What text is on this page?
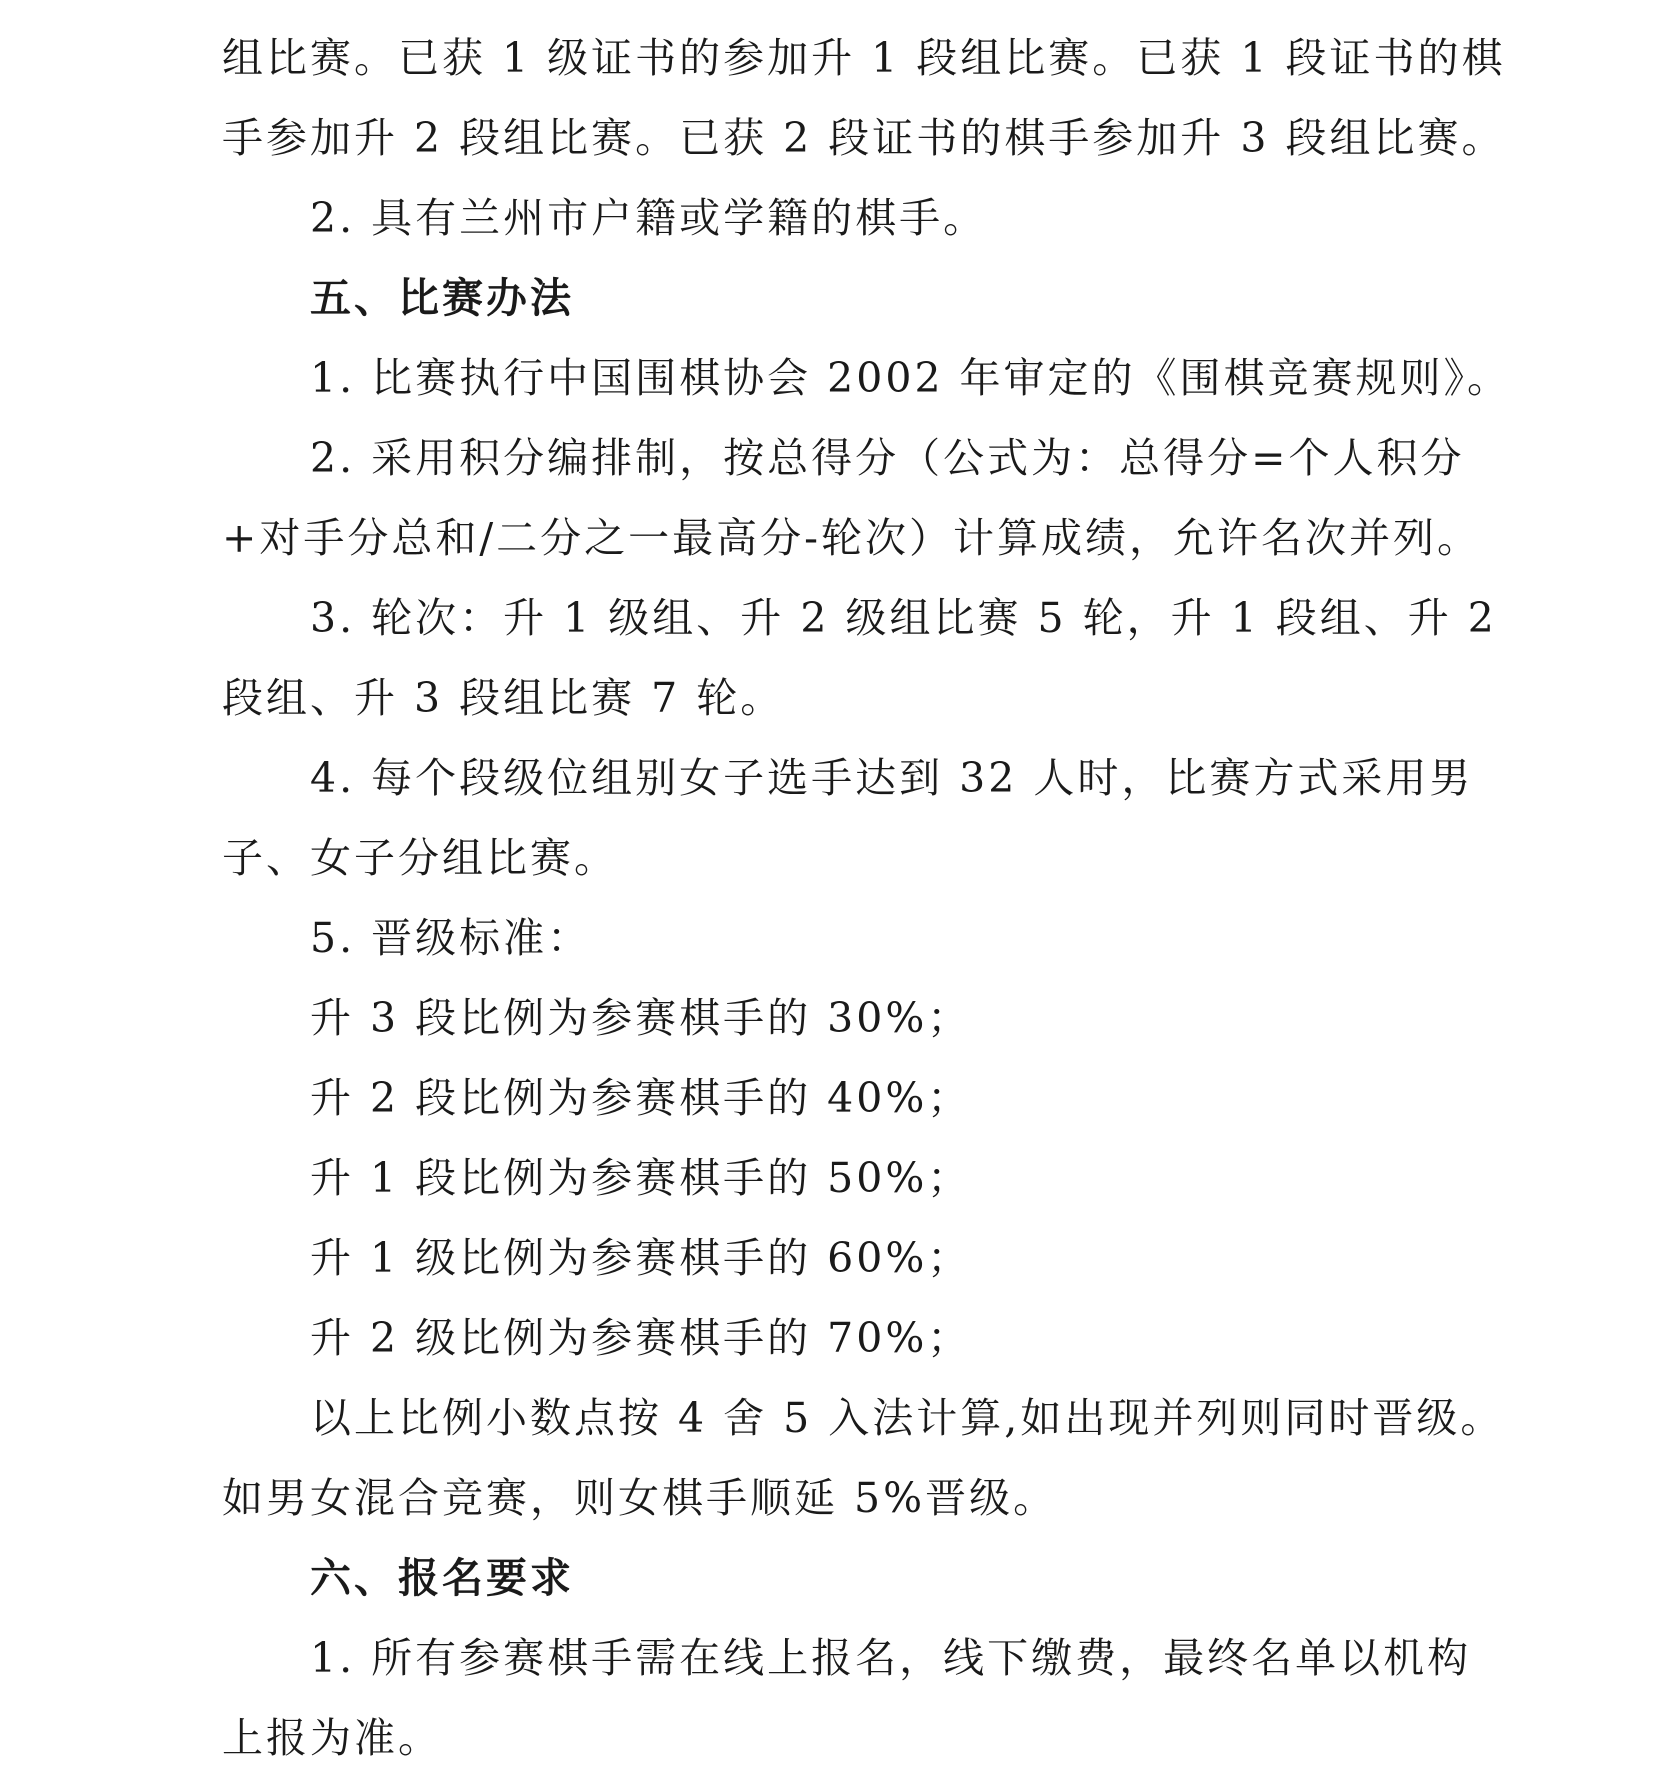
组比赛。已获 1 级证书的参加升 1 段组比赛。已获 1 段证书的棋
手参加升 2 段组比赛。已获 2 段证书的棋手参加升 3 段组比赛。
2. 具有兰州市户籍或学籍的棋手。
五、比赛办法
1. 比赛执行中国围棋协会 2002 年审定的《围棋竞赛规则》。
2. 采用积分编排制，按总得分（公式为：总得分=个人积分
+对手分总和/二分之一最高分-轮次）计算成绩，允许名次并列。
3. 轮次：升 1 级组、升 2 级组比赛 5 轮，升 1 段组、升 2
段组、升 3 段组比赛 7 轮。
4. 每个段级位组别女子选手达到 32 人时，比赛方式采用男
子、女子分组比赛。
5. 晋级标准：
升 3 段比例为参赛棋手的 30%；
升 2 段比例为参赛棋手的 40%；
升 1 段比例为参赛棋手的 50%；
升 1 级比例为参赛棋手的 60%；
升 2 级比例为参赛棋手的 70%；
以上比例小数点按 4 舍 5 入法计算,如出现并列则同时晋级。
如男女混合竞赛，则女棋手顺延 5%晋级。
六、报名要求
1. 所有参赛棋手需在线上报名，线下缴费，最终名单以机构
上报为准。
